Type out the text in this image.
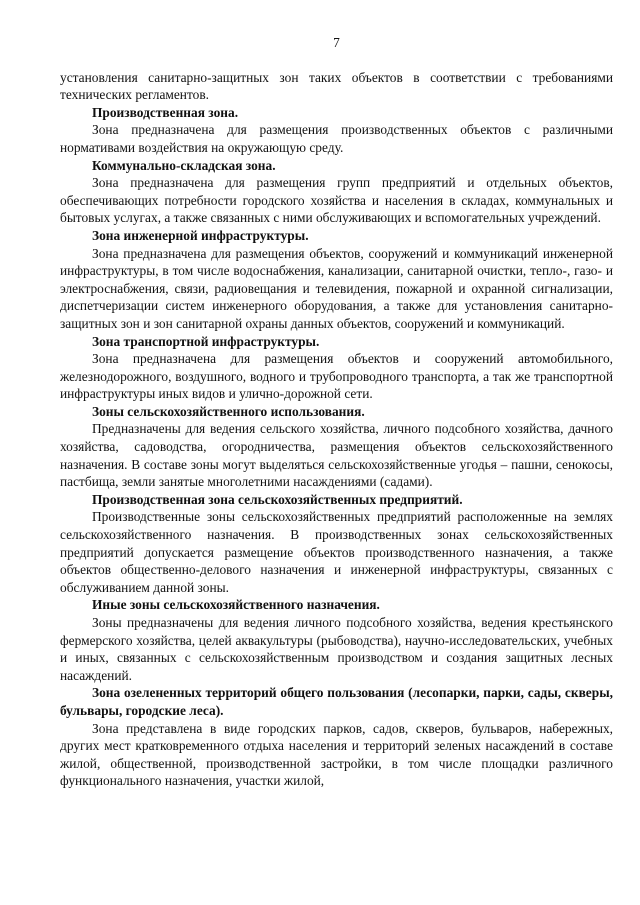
7

установления санитарно-защитных зон таких объектов в соответствии с требованиями технических регламентов.

Производственная зона.

Зона предназначена для размещения производственных объектов с различными нормативами воздействия на окружающую среду.

Коммунально-складская зона.

Зона предназначена для размещения групп предприятий и отдельных объектов, обеспечивающих потребности городского хозяйства и населения в складах, коммунальных и бытовых услугах, а также связанных с ними обслуживающих и вспомогательных учреждений.

Зона инженерной инфраструктуры.

Зона предназначена для размещения объектов, сооружений и коммуникаций инженерной инфраструктуры, в том числе водоснабжения, канализации, санитарной очистки, тепло-, газо- и электроснабжения, связи, радиовещания и телевидения, пожарной и охранной сигнализации, диспетчеризации систем инженерного оборудования, а также для установления санитарно-защитных зон и зон санитарной охраны данных объектов, сооружений и коммуникаций.

Зона транспортной инфраструктуры.

Зона предназначена для размещения объектов и сооружений автомобильного, железнодорожного, воздушного, водного и трубопроводного транспорта, а так же транспортной инфраструктуры иных видов и улично-дорожной сети.

Зоны сельскохозяйственного использования.

Предназначены для ведения сельского хозяйства, личного подсобного хозяйства, дачного хозяйства, садоводства, огородничества, размещения объектов сельскохозяйственного назначения. В составе зоны могут выделяться сельскохозяйственные угодья – пашни, сенокосы, пастбища, земли занятые многолетними насаждениями (садами).

Производственная зона сельскохозяйственных предприятий.

Производственные зоны сельскохозяйственных предприятий расположенные на землях сельскохозяйственного назначения. В производственных зонах сельскохозяйственных предприятий допускается размещение объектов производственного назначения, а также объектов общественно-делового назначения и инженерной инфраструктуры, связанных с обслуживанием данной зоны.

Иные зоны сельскохозяйственного назначения.

Зоны предназначены для ведения личного подсобного хозяйства, ведения крестьянского фермерского хозяйства, целей аквакультуры (рыбоводства), научно-исследовательских, учебных и иных, связанных с сельскохозяйственным производством и создания защитных лесных насаждений.

Зона озелененных территорий общего пользования (лесопарки, парки, сады, скверы, бульвары, городские леса).

Зона представлена в виде городских парков, садов, скверов, бульваров, набережных, других мест кратковременного отдыха населения и территорий зеленых насаждений в составе жилой, общественной, производственной застройки, в том числе площадки различного функционального назначения, участки жилой,
